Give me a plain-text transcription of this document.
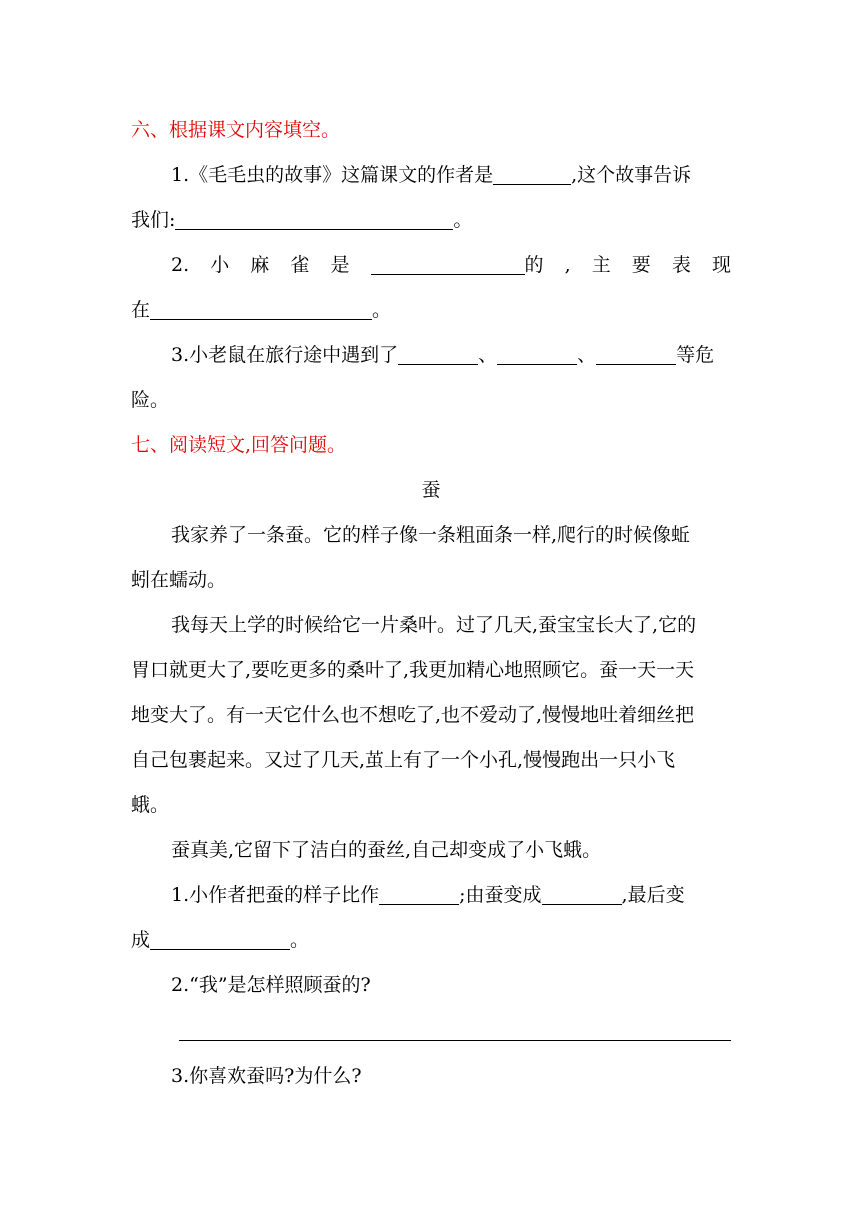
六、根据课文内容填空。
1.《毛毛虫的故事》这篇课文的作者是	,这个故事告诉
我们:	。
2. 小 麻 雀 是	的 , 主 要 表 现
在	。
3.小老鼠在旅行途中遇到了	、	、	等危
险。
七、阅读短文,回答问题。
蚕
我家养了一条蚕。它的样子像一条粗面条一样,爬行的时候像蚯
蚓在蠕动。
我每天上学的时候给它一片桑叶。过了几天,蚕宝宝长大了,它的
胃口就更大了,要吃更多的桑叶了,我更加精心地照顾它。蚕一天一天
地变大了。有一天它什么也不想吃了,也不爱动了,慢慢地吐着细丝把
自己包裹起来。又过了几天,茧上有了一个小孔,慢慢跑出一只小飞
蛾。
蚕真美,它留下了洁白的蚕丝,自己却变成了小飞蛾。
1.小作者把蚕的样子比作	;由蚕变成	,最后变
成	。
2.“我”是怎样照顾蚕的?
3.你喜欢蚕吗?为什么?
